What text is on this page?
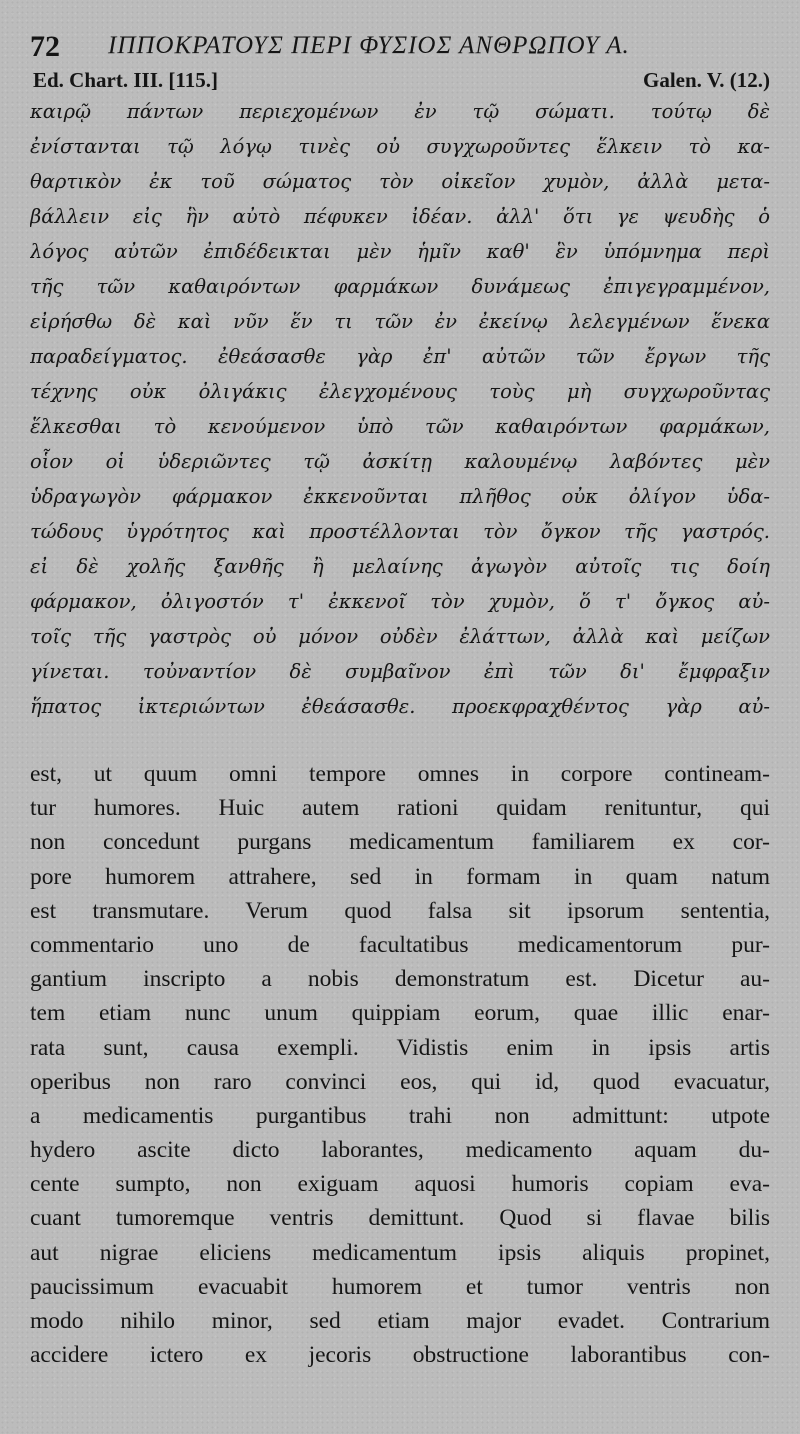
72 ΙΠΠΟΚΡΑΤΟΥΣ ΠΕΡΙ ΦΥΣΙΟΣ ΑΝΘΡΩΠΟΥ Α.
Ed. Chart. III. [115.]	Galen. V. (12.)
καιρῷ πάντων περιεχομένων ἐν τῷ σώματι. τούτῳ δὲ
ἐνίστανται τῷ λόγῳ τινὲς οὐ συγχωροῦντες ἕλκειν τὸ κα-
θαρτικὸν ἐκ τοῦ σώματος τὸν οἰκεῖον χυμὸν, ἀλλὰ μετα-
βάλλειν εἰς ἣν αὐτὸ πέφυκεν ἰδέαν. ἀλλ' ὅτι γε ψευδὴς ὁ
λόγος αὐτῶν ἐπιδέδεικται μὲν ἡμῖν καθ' ἓν ὑπόμνημα περὶ
τῆς τῶν καθαιρόντων φαρμάκων δυνάμεως ἐπιγεγραμμένον,
εἰρήσθω δὲ καὶ νῦν ἕν τι τῶν ἐν ἐκείνῳ λελεγμένων ἕνεκα
παραδείγματος. ἐθεάσασθε γὰρ ἐπ' αὐτῶν τῶν ἔργων τῆς
τέχνης οὐκ ὀλιγάκις ἐλεγχομένους τοὺς μὴ συγχωροῦντας
ἕλκεσθαι τὸ κενούμενον ὑπὸ τῶν καθαιρόντων φαρμάκων,
οἷον οἱ ὑδεριῶντες τῷ ἀσκίτῃ καλουμένῳ λαβόντες μὲν
ὑδραγωγὸν φάρμακον ἐκκενοῦνται πλῆθος οὐκ ὀλίγον ὑδα-
τώδους ὑγρότητος καὶ προστέλλονται τὸν ὄγκον τῆς γαστρός.
εἰ δὲ χολῆς ξανθῆς ἢ μελαίνης ἀγωγὸν αὐτοῖς τις δοίη
φάρμακον, ὀλιγοστόν τ' ἐκκενοῖ τὸν χυμὸν, ὅ τ' ὄγκος αὐ-
τοῖς τῆς γαστρὸς οὐ μόνον οὐδὲν ἐλάττων, ἀλλὰ καὶ μείζων
γίνεται. τοὐναντίον δὲ συμβαῖνον ἐπὶ τῶν δι' ἔμφραξιν
ἥπατος ἰκτεριώντων ἐθεάσασθε. προεκφραχθέντος γὰρ αὐ-
est, ut quum omni tempore omnes in corpore contineam-
tur humores. Huic autem rationi quidam renituntur, qui
non concedunt purgans medicamentum familiarem ex cor-
pore humorem attrahere, sed in formam in quam natum
est transmutare. Verum quod falsa sit ipsorum sententia,
commentario uno de facultatibus medicamentorum pur-
gantium inscripto a nobis demonstratum est. Dicetur au-
tem etiam nunc unum quippiam eorum, quae illic enar-
rata sunt, causa exempli. Vidistis enim in ipsis artis
operibus non raro convinci eos, qui id, quod evacuatur,
a medicamentis purgantibus trahi non admittunt: utpote
hydero ascite dicto laborantes, medicamento aquam du-
cente sumpto, non exiguam aquosi humoris copiam eva-
cuant tumoremque ventris demittunt. Quod si flavae bilis
aut nigrae eliciens medicamentum ipsis aliquis propinet,
paucissimum evacuabit humorem et tumor ventris non
modo nihilo minor, sed etiam major evadet. Contrarium
accidere ictero ex jecoris obstructione laborantibus con-
